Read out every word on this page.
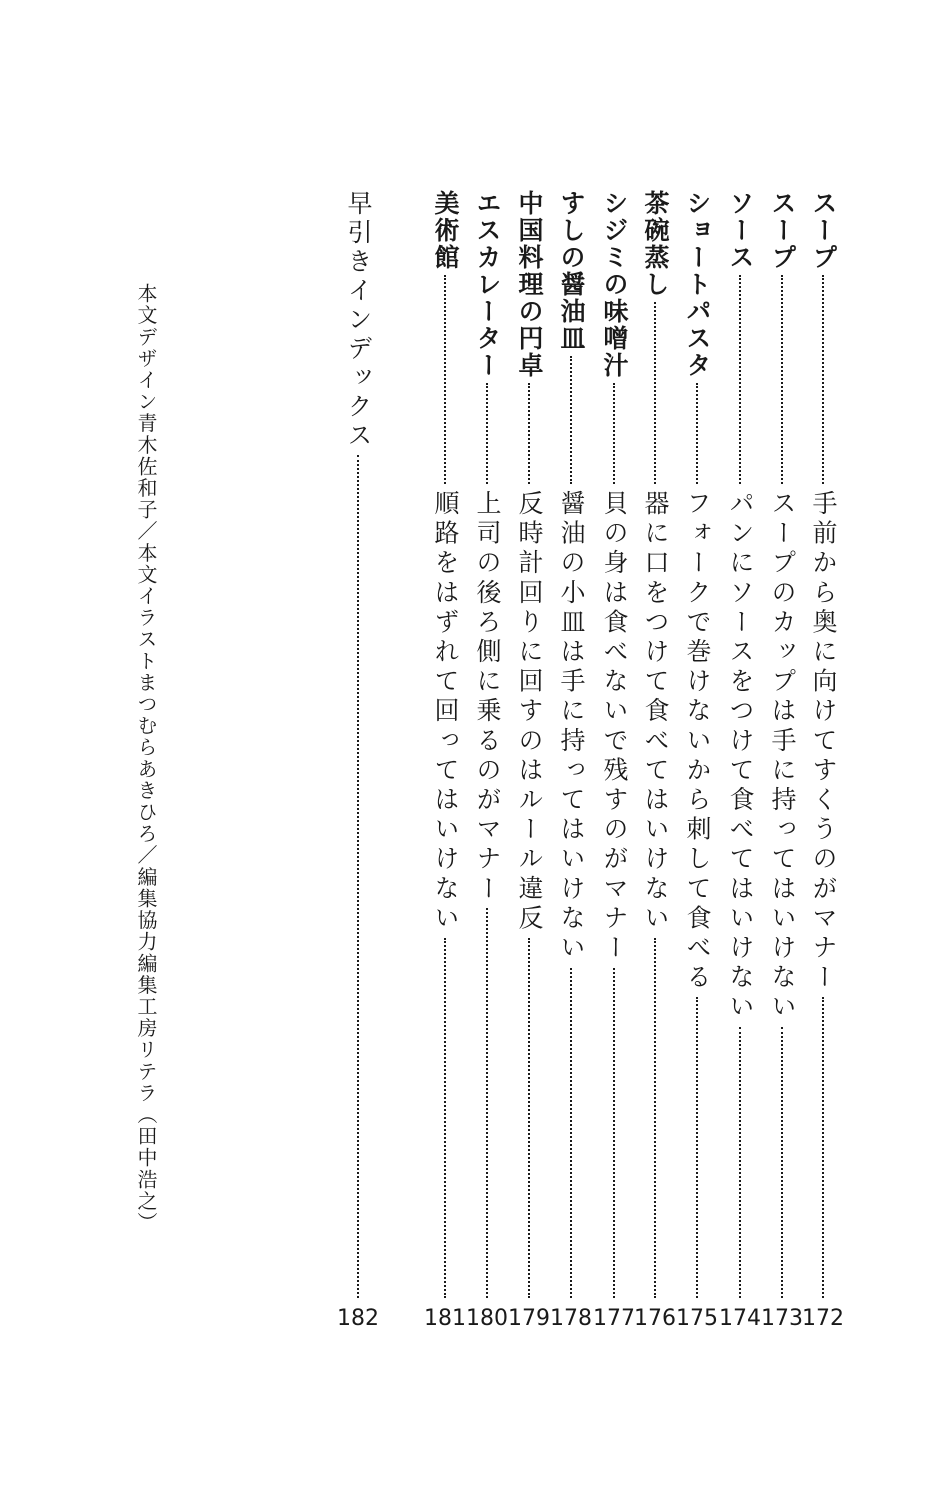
スープ
手前から奥に向けてすくうのがマナー
172
スープ
スープのカップは手に持ってはいけない
173
ソース
パンにソースをつけて食べてはいけない
174
ショートパスタ
フォークで巻けないから刺して食べる
175
茶碗蒸し
器に口をつけて食べてはいけない
176
シジミの味噌汁
貝の身は食べないで残すのがマナー
177
すしの醤油皿
醤油の小皿は手に持ってはいけない
178
中国料理の円卓
反時計回りに回すのはルール違反
179
エスカレーター
上司の後ろ側に乗るのがマナー
180
美術館
順路をはずれて回ってはいけない
181
早引きインデックス
182
本文デザイン青木佐和子／本文イラストまつむらあきひろ／編集協力編集工房リテラ（田中浩之）
